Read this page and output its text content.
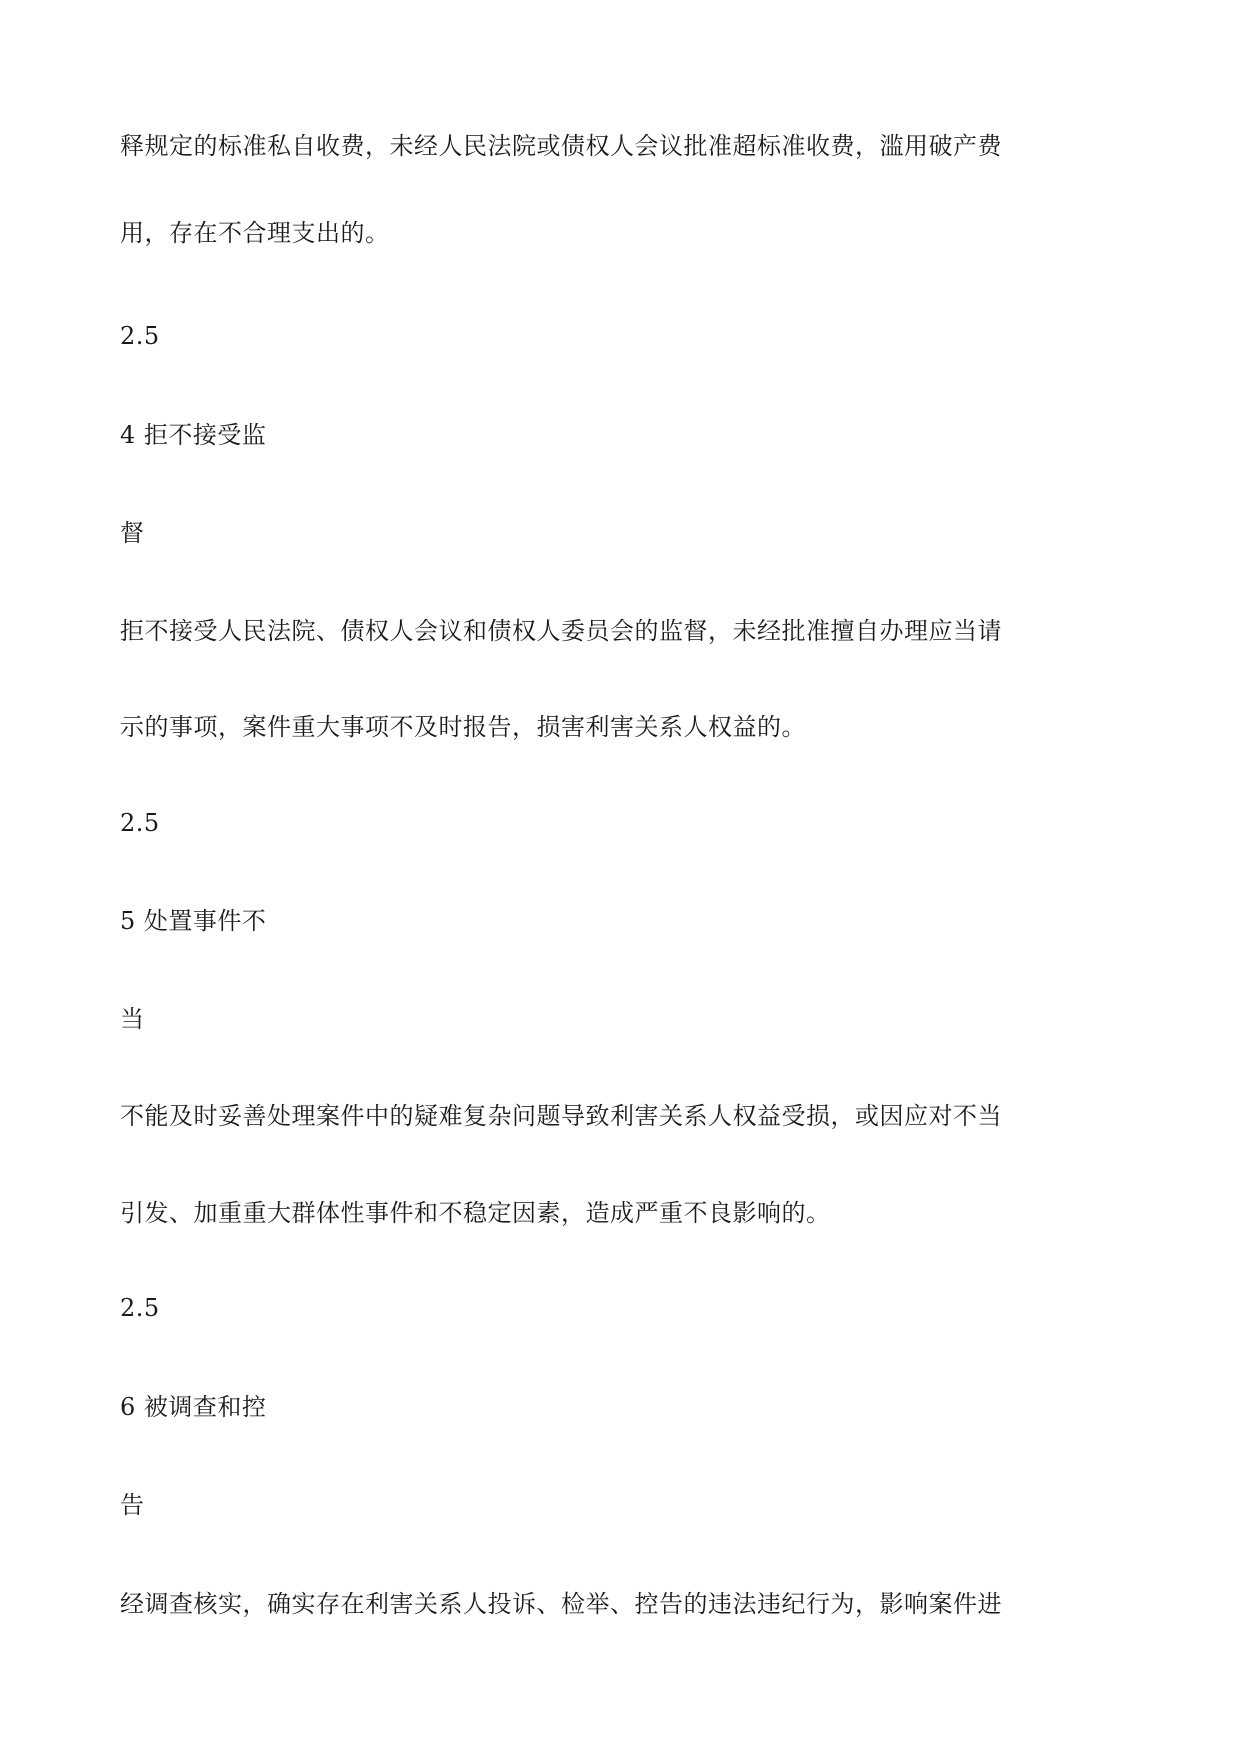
释规定的标准私自收费，未经人民法院或债权人会议批准超标准收费，滥用破产费
用，存在不合理支出的。
2.5
4 拒不接受监
督
拒不接受人民法院、债权人会议和债权人委员会的监督，未经批准擅自办理应当请
示的事项，案件重大事项不及时报告，损害利害关系人权益的。
2.5
5 处置事件不
当
不能及时妥善处理案件中的疑难复杂问题导致利害关系人权益受损，或因应对不当
引发、加重重大群体性事件和不稳定因素，造成严重不良影响的。
2.5
6 被调查和控
告
经调查核实，确实存在利害关系人投诉、检举、控告的违法违纪行为，影响案件进
